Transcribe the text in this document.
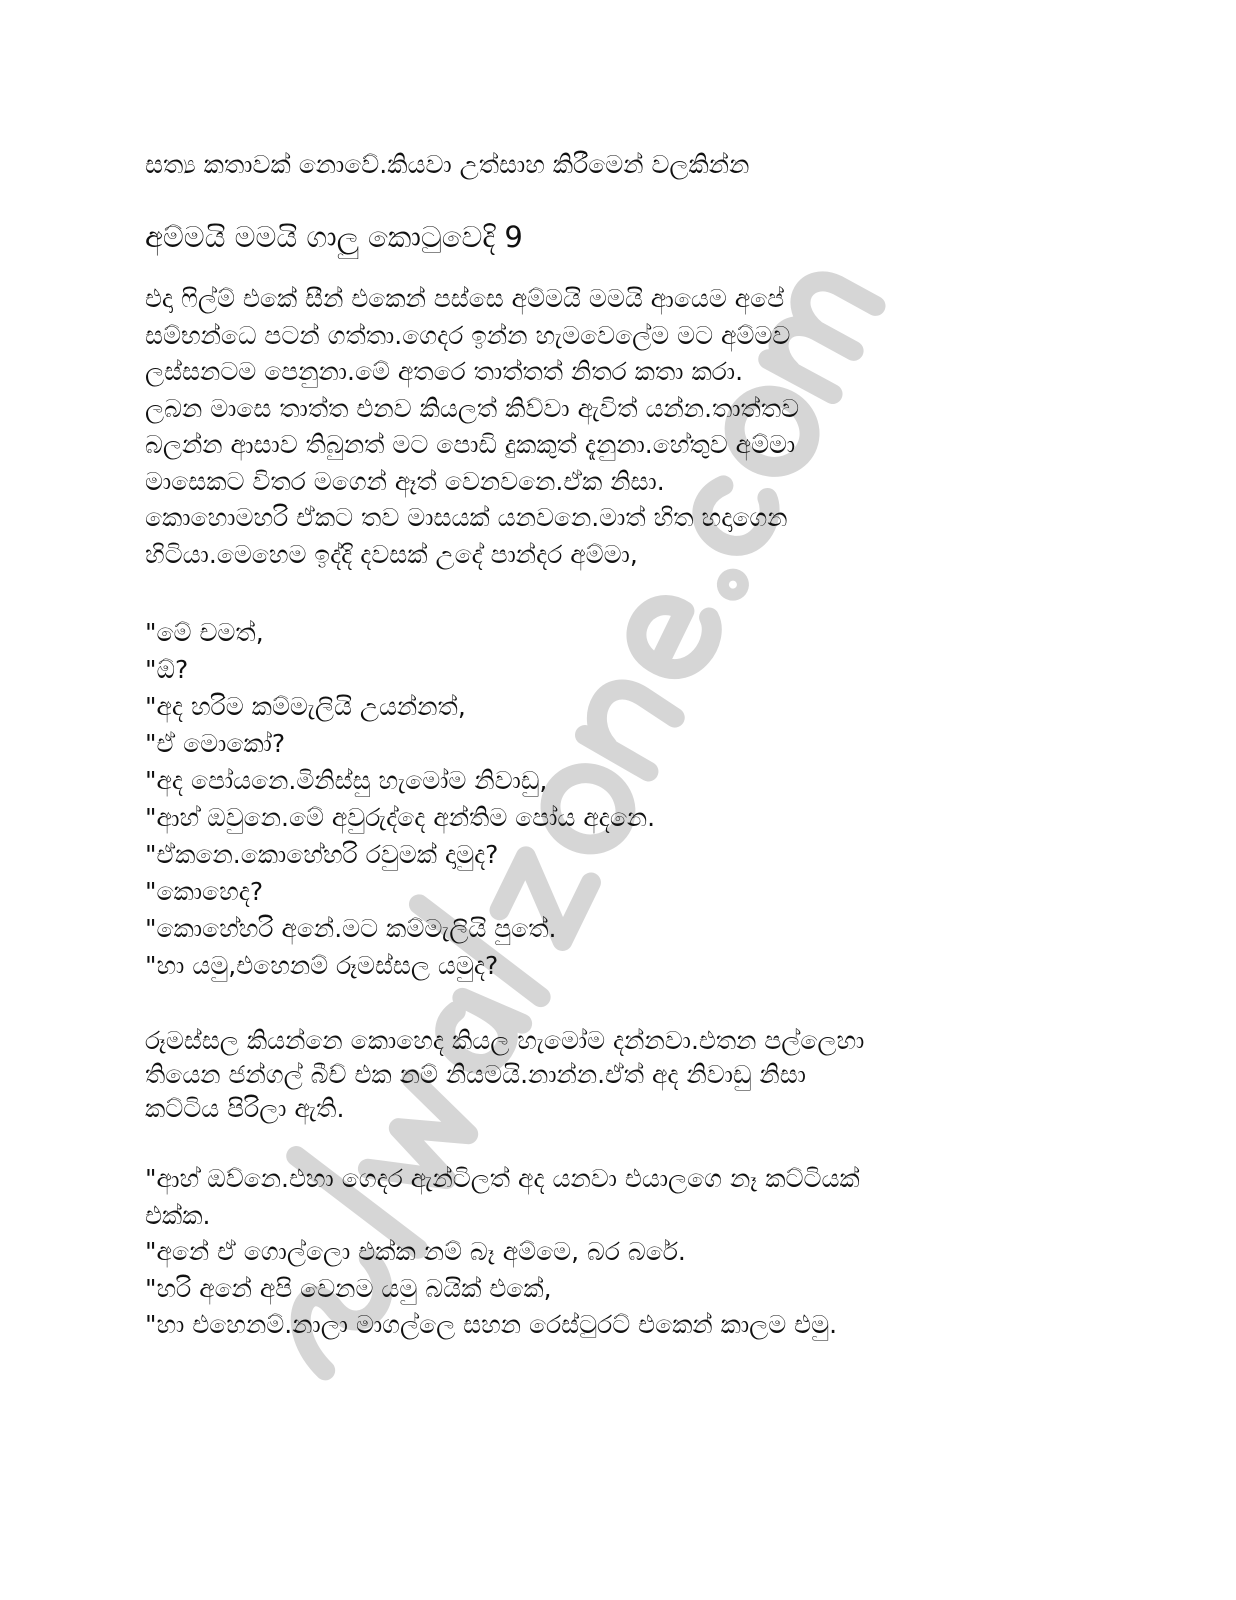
සත්‍ය කතාවක් නොවේ.කියවා උත්සාහ කිරීමෙන් වලකින්න
අම්මයි මමයි ගාලු කොටුවෙදි 9
එදා ෆිල්ම් එකේ සීන් එකෙන් පස්සෙ අම්මයි මමයි ආයෙම අපේ
සම්භන්ධෙ පටන් ගත්තා.ගෙදර ඉන්න හැමවෙලේම මට අම්මව
ලස්සනටම පෙනුනා.මේ අතරෙ තාත්තත් නිතර කතා කරා.
ලබන මාසෙ තාත්ත එනව කියලත් කිව්වා ඇවිත් යන්න.තාත්තව
බලන්න ආසාව තිබුනත් මට පොඩි දුකකුත් දැනුනා.හේතුව අම්මා
මාසෙකට විතර මගෙන් ඈත් වෙනවනෙ.ඒක නිසා.
කොහොමහරි ඒකට තව මාසයක් යනවනෙ.මාත් හිත හදාගෙන
හිටියා.මෙහෙම ඉද්දි දවසක් උදේ පාන්දර අම්මා,
"මේ චමත්,
"ඕ?
"අද හරිම කම්මැලියි උයන්නත්,
"ඒ මොකෝ?
"අද පෝයනෙ.මිනිස්සු හැමෝම නිවාඩු,
"ආහ් ඔවුනෙ.මේ අවුරුද්දෙ අන්තිම පෝය අදනෙ.
"ඒකනෙ.කොහේහරි රවුමක් දාමුද?
"කොහෙද?
"කොහේහරි අනේ.මට කම්මැලියි පුතේ.
"හා යමු,එහෙනම් රූමස්සල යමුද?
රූමස්සල කියන්නෙ කොහෙද කියල හැමෝම දන්නවා.එතන පල්ලෙහා
තියෙන ජන්ගල් බීච් එක නම් නියමයි.නාන්න.ඒත් අද නිවාඩු නිසා
කට්ටිය පිරිලා ඇති.
"ආහ් ඔව්නෙ.එහා ගෙදර ඇන්ටිලත් අද යනවා එයාලගෙ නෑ කට්ටියක්
එක්ක.
"අනේ ඒ ගොල්ලො එක්ක නම් බෑ අම්මෙ, බර බරේ.
"හරි අනේ අපි වෙනම යමු බයික් එකේ,
"හා එහෙනම්.නාලා මාගල්ලෙ සහන රෙස්ටුරට් එකෙන් කාලම එමු.
